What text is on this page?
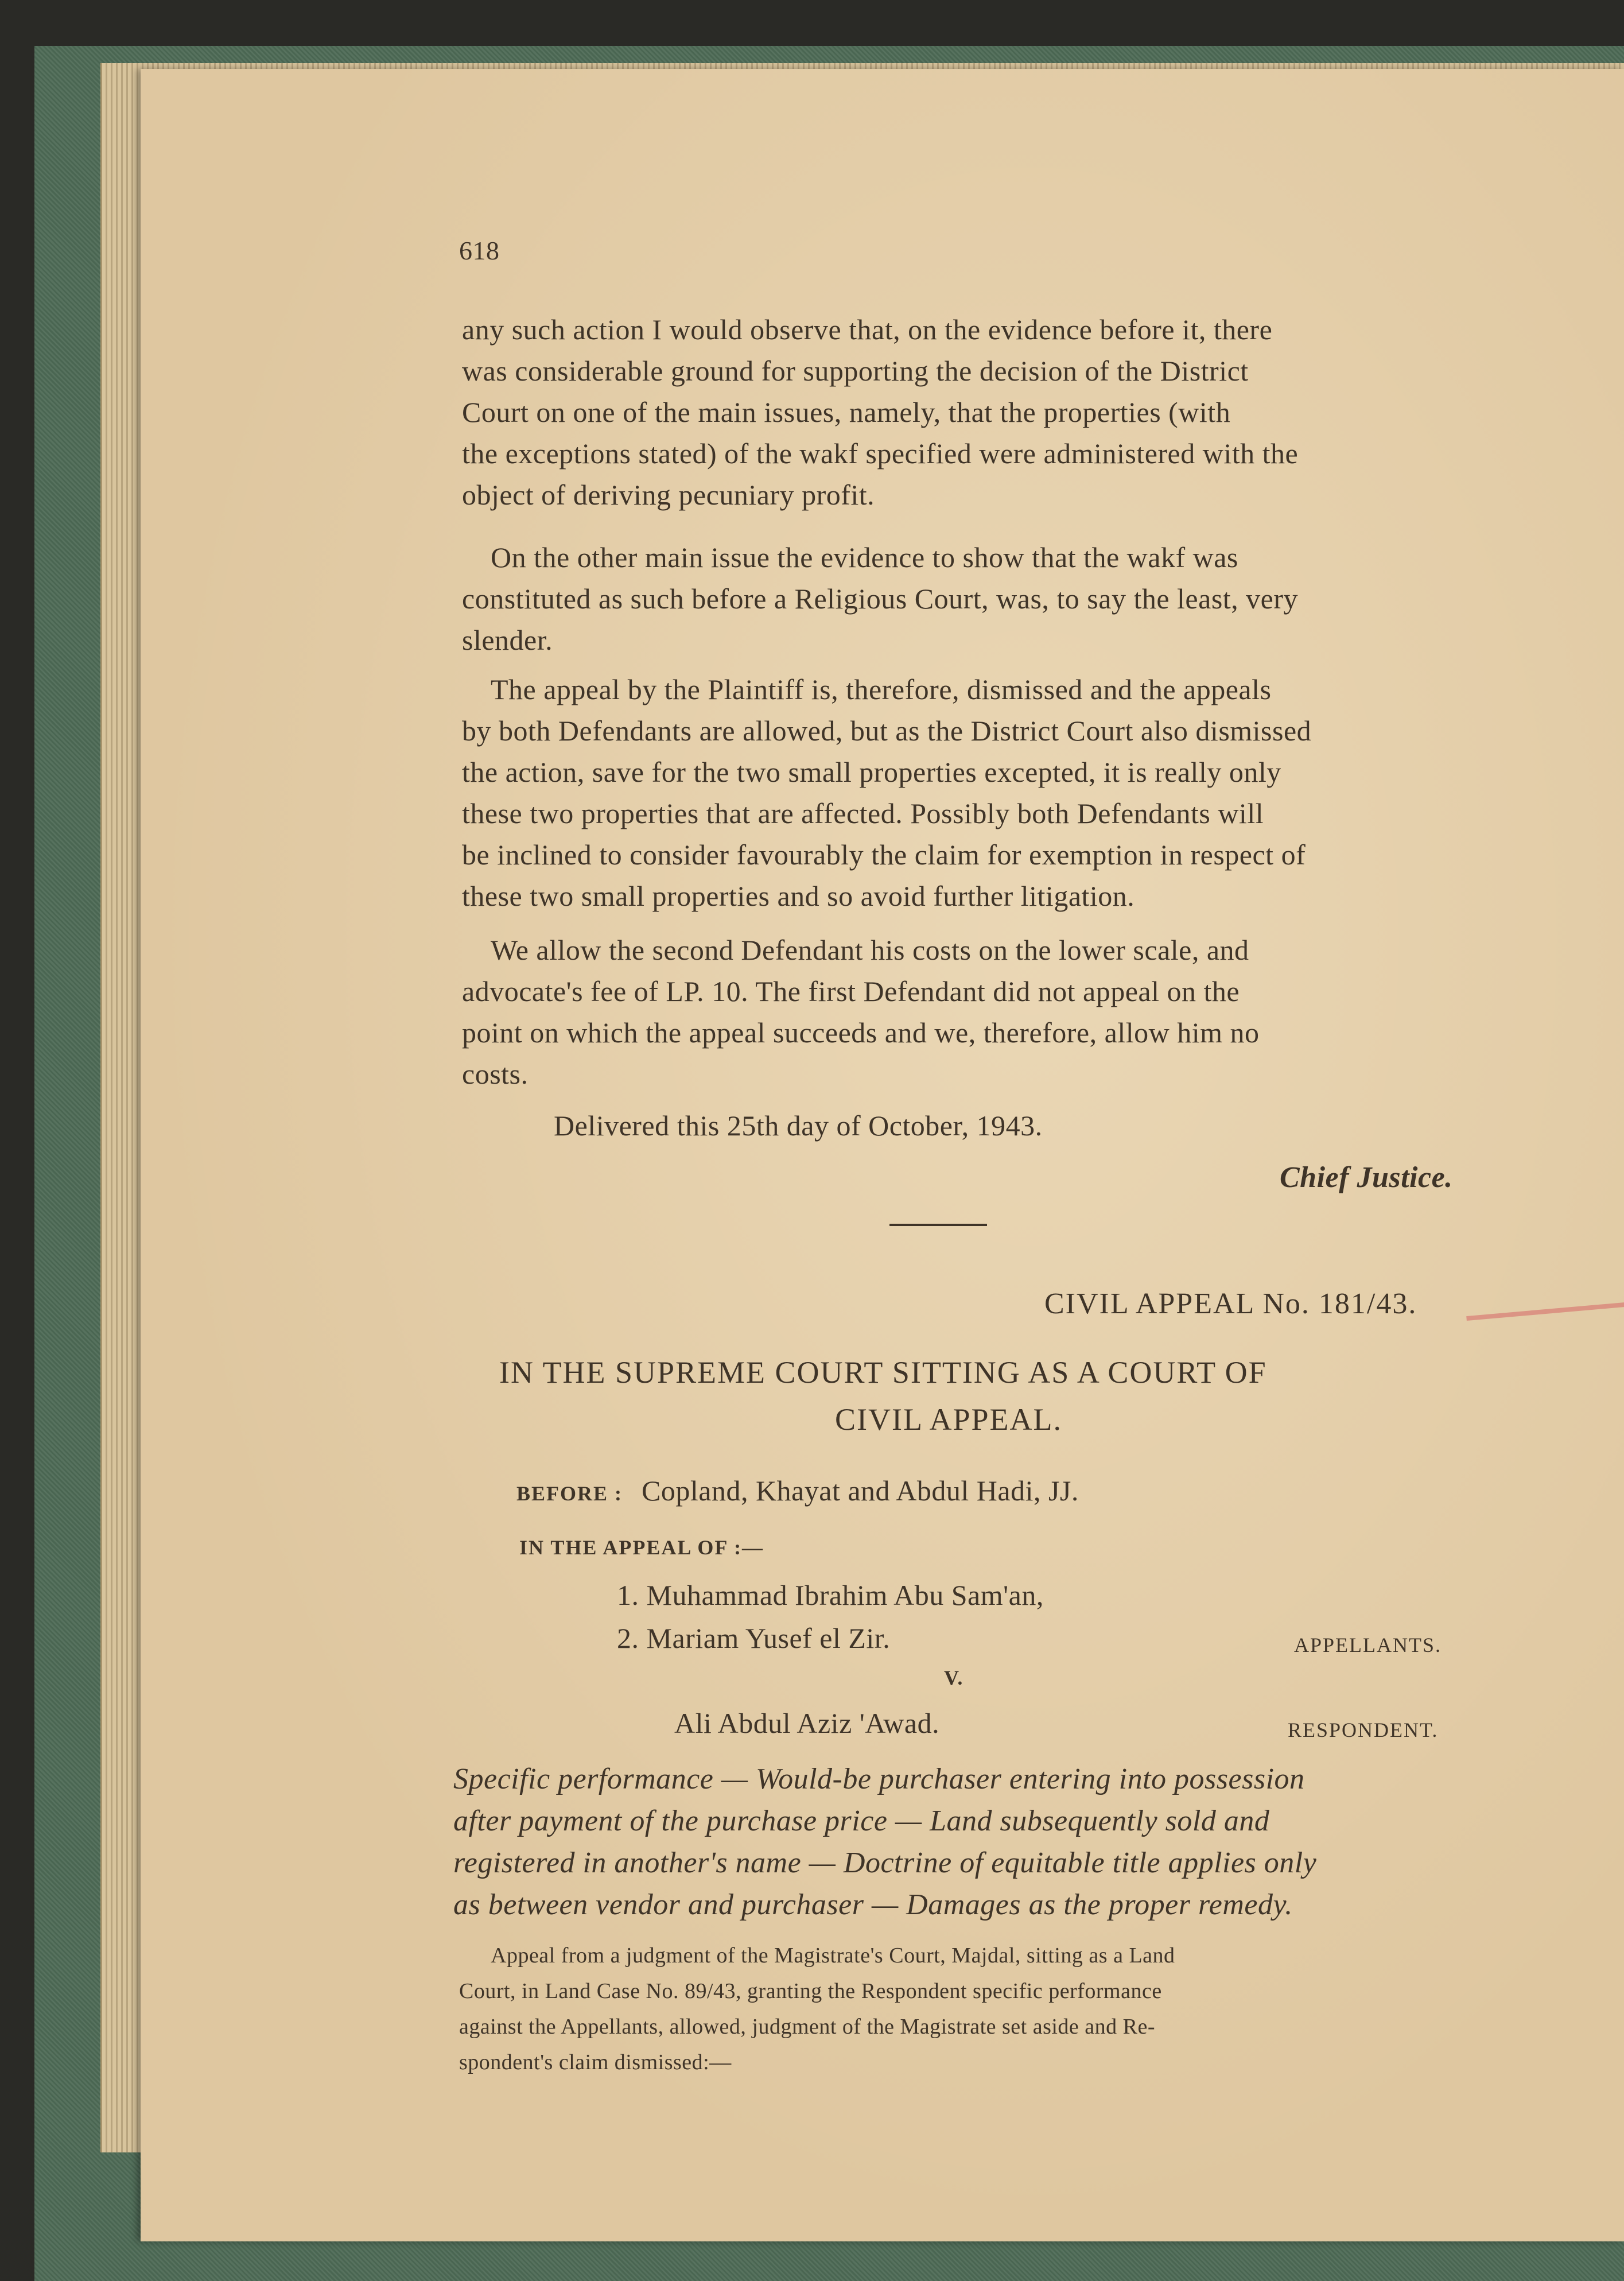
618
any such action I would observe that, on the evidence before it, there
was considerable ground for supporting the decision of the District
Court on one of the main issues, namely, that the properties (with
the exceptions stated) of the wakf specified were administered with the
object of deriving pecuniary profit.
On the other main issue the evidence to show that the wakf was
constituted as such before a Religious Court, was, to say the least, very
slender.
The appeal by the Plaintiff is, therefore, dismissed and the appeals
by both Defendants are allowed, but as the District Court also dismissed
the action, save for the two small properties excepted, it is really only
these two properties that are affected. Possibly both Defendants will
be inclined to consider favourably the claim for exemption in respect of
these two small properties and so avoid further litigation.
We allow the second Defendant his costs on the lower scale, and
advocate's fee of LP. 10. The first Defendant did not appeal on the
point on which the appeal succeeds and we, therefore, allow him no
costs.
Delivered this 25th day of October, 1943.
Chief Justice.
CIVIL APPEAL No. 181/43.
IN THE SUPREME COURT SITTING AS A COURT OF
CIVIL APPEAL.
BEFORE : Copland, Khayat and Abdul Hadi, JJ.
IN THE APPEAL OF :—
1. Muhammad Ibrahim Abu Sam'an,
2. Mariam Yusef el Zir.	APPELLANTS.
V.
Ali Abdul Aziz 'Awad.	RESPONDENT.
Specific performance — Would-be purchaser entering into possession
after payment of the purchase price — Land subsequently sold and
registered in another's name — Doctrine of equitable title applies only
as between vendor and purchaser — Damages as the proper remedy.
Appeal from a judgment of the Magistrate's Court, Majdal, sitting as a Land
Court, in Land Case No. 89/43, granting the Respondent specific performance
against the Appellants, allowed, judgment of the Magistrate set aside and Re-
spondent's claim dismissed:—
